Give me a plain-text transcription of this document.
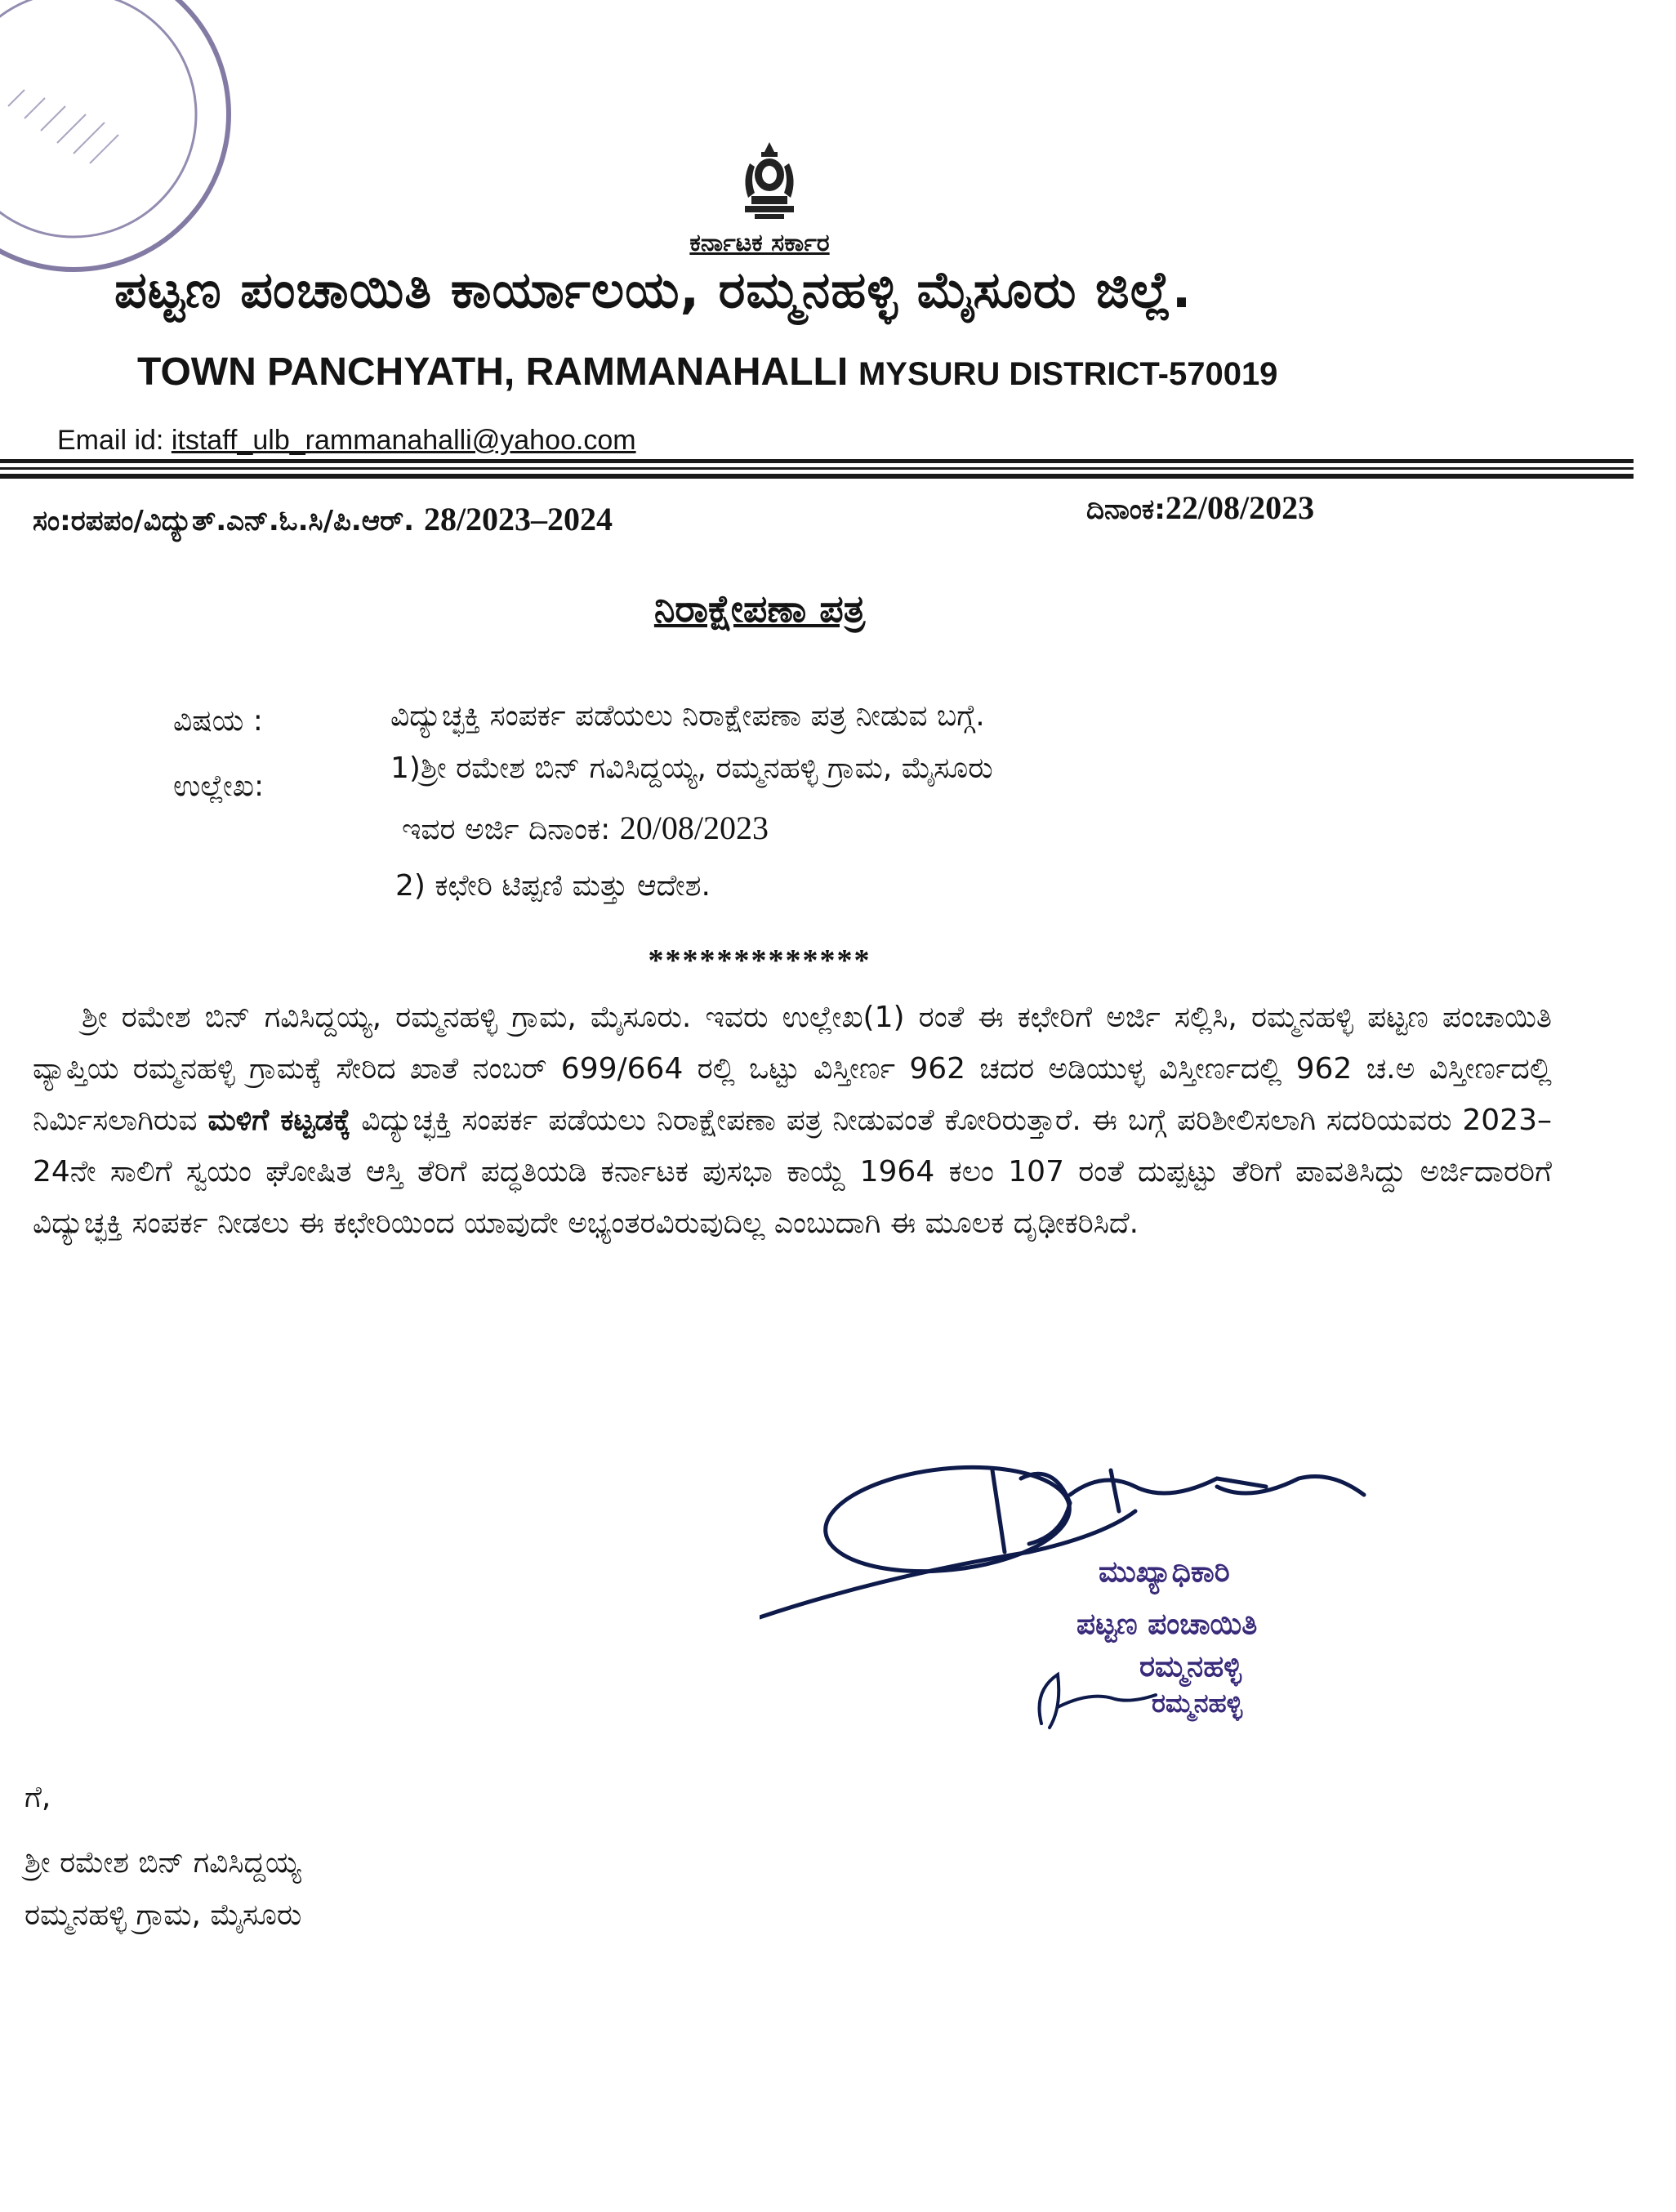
ಕರ್ನಾಟಕ ಸರ್ಕಾರ
ಪಟ್ಟಣ ಪಂಚಾಯಿತಿ ಕಾರ್ಯಾಲಯ, ರಮ್ಮನಹಳ್ಳಿ ಮೈಸೂರು ಜಿಲ್ಲೆ.
TOWN PANCHYATH, RAMMANAHALLI MYSURU DISTRICT-570019
Email id: itstaff_ulb_rammanahalli@yahoo.com
ಸಂ:ರಪಪಂ/ವಿದ್ಯುತ್.ಎನ್.ಓ.ಸಿ/ಪಿ.ಆರ್. 28/2023–2024	ದಿನಾಂಕ:22/08/2023
ನಿರಾಕ್ಷೇಪಣಾ ಪತ್ರ
ವಿಷಯ :	ವಿದ್ಯುಚ್ಛಕ್ತಿ ಸಂಪರ್ಕ ಪಡೆಯಲು ನಿರಾಕ್ಷೇಪಣಾ ಪತ್ರ ನೀಡುವ ಬಗ್ಗೆ.
ಉಲ್ಲೇಖ:
1)ಶ್ರೀ ರಮೇಶ ಬಿನ್ ಗವಿಸಿದ್ದಯ್ಯ, ರಮ್ಮನಹಳ್ಳಿ ಗ್ರಾಮ, ಮೈಸೂರು
ಇವರ ಅರ್ಜಿ ದಿನಾಂಕ: 20/08/2023
2) ಕಛೇರಿ ಟಿಪ್ಪಣಿ ಮತ್ತು ಆದೇಶ.
*************
ಶ್ರೀ ರಮೇಶ ಬಿನ್ ಗವಿಸಿದ್ದಯ್ಯ, ರಮ್ಮನಹಳ್ಳಿ ಗ್ರಾಮ, ಮೈಸೂರು. ಇವರು ಉಲ್ಲೇಖ(1) ರಂತೆ ಈ ಕಛೇರಿಗೆ ಅರ್ಜಿ ಸಲ್ಲಿಸಿ, ರಮ್ಮನಹಳ್ಳಿ ಪಟ್ಟಣ ಪಂಚಾಯಿತಿ ವ್ಯಾಪ್ತಿಯ ರಮ್ಮನಹಳ್ಳಿ ಗ್ರಾಮಕ್ಕೆ ಸೇರಿದ ಖಾತೆ ನಂಬರ್ 699/664 ರಲ್ಲಿ ಒಟ್ಟು ವಿಸ್ತೀರ್ಣ 962 ಚದರ ಅಡಿಯುಳ್ಳ ವಿಸ್ತೀರ್ಣದಲ್ಲಿ 962 ಚ.ಅ ವಿಸ್ತೀರ್ಣದಲ್ಲಿ ನಿರ್ಮಿಸಲಾಗಿರುವ ಮಳಿಗೆ ಕಟ್ಟಡಕ್ಕೆ ವಿದ್ಯುಚ್ಛಕ್ತಿ ಸಂಪರ್ಕ ಪಡೆಯಲು ನಿರಾಕ್ಷೇಪಣಾ ಪತ್ರ ನೀಡುವಂತೆ ಕೋರಿರುತ್ತಾರೆ. ಈ ಬಗ್ಗೆ ಪರಿಶೀಲಿಸಲಾಗಿ ಸದರಿಯವರು 2023–24ನೇ ಸಾಲಿಗೆ ಸ್ವಯಂ ಘೋಷಿತ ಆಸ್ತಿ ತೆರಿಗೆ ಪದ್ಧತಿಯಡಿ ಕರ್ನಾಟಕ ಪುಸಭಾ ಕಾಯ್ದೆ 1964 ಕಲಂ 107 ರಂತೆ ದುಪ್ಪಟ್ಟು ತೆರಿಗೆ ಪಾವತಿಸಿದ್ದು ಅರ್ಜಿದಾರರಿಗೆ ವಿದ್ಯುಚ್ಛಕ್ತಿ ಸಂಪರ್ಕ ನೀಡಲು ಈ ಕಛೇರಿಯಿಂದ ಯಾವುದೇ ಅಭ್ಯಂತರವಿರುವುದಿಲ್ಲ ಎಂಬುದಾಗಿ ಈ ಮೂಲಕ ದೃಢೀಕರಿಸಿದೆ.
ಮುಖ್ಯಾಧಿಕಾರಿ
ಪಟ್ಟಣ ಪಂಚಾಯಿತಿ
ರಮ್ಮನಹಳ್ಳಿ
ರಮ್ಮನಹಳ್ಳಿ
ಗೆ,
ಶ್ರೀ ರಮೇಶ ಬಿನ್ ಗವಿಸಿದ್ದಯ್ಯ
ರಮ್ಮನಹಳ್ಳಿ ಗ್ರಾಮ, ಮೈಸೂರು
